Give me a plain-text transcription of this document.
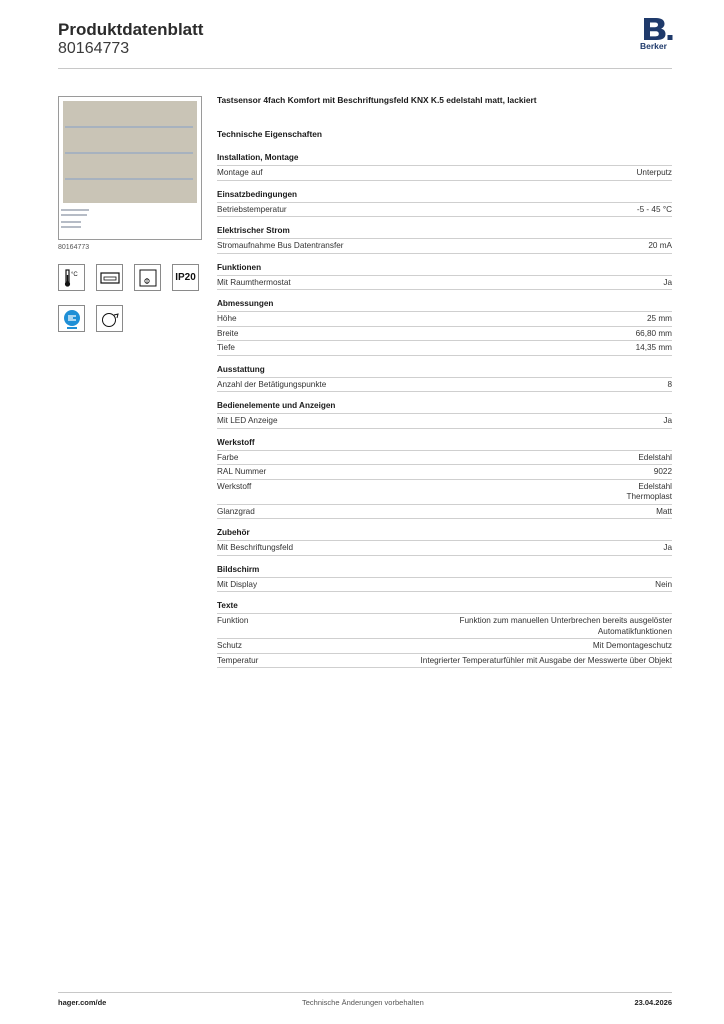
Produktdatenblatt
80164773	Berker
80164773
°C	IP20
Tastsensor 4fach Komfort mit Beschriftungsfeld KNX K.5 edelstahl matt, lackiert
Technische Eigenschaften
Installation, Montage
Montage auf	Unterputz
Einsatzbedingungen
Betriebstemperatur	-5 - 45 °C
Elektrischer Strom
Stromaufnahme Bus Datentransfer	20 mA
Funktionen
Mit Raumthermostat	Ja
Abmessungen
Höhe	25 mm
Breite	66,80 mm
Tiefe	14,35 mm
Ausstattung
Anzahl der Betätigungspunkte	8
Bedienelemente und Anzeigen
Mit LED Anzeige	Ja
Werkstoff
Farbe	Edelstahl
RAL Nummer	9022
Werkstoff	Edelstahl
Thermoplast
Glanzgrad	Matt
Zubehör
Mit Beschriftungsfeld	Ja
Bildschirm
Mit Display	Nein
Texte
Funktion	Funktion zum manuellen Unterbrechen bereits ausgelöster
Automatikfunktionen
Schutz	Mit Demontageschutz
Temperatur	Integrierter Temperaturfühler mit Ausgabe der Messwerte über Objekt
hager.com/de	Technische Änderungen vorbehalten	23.04.2026
